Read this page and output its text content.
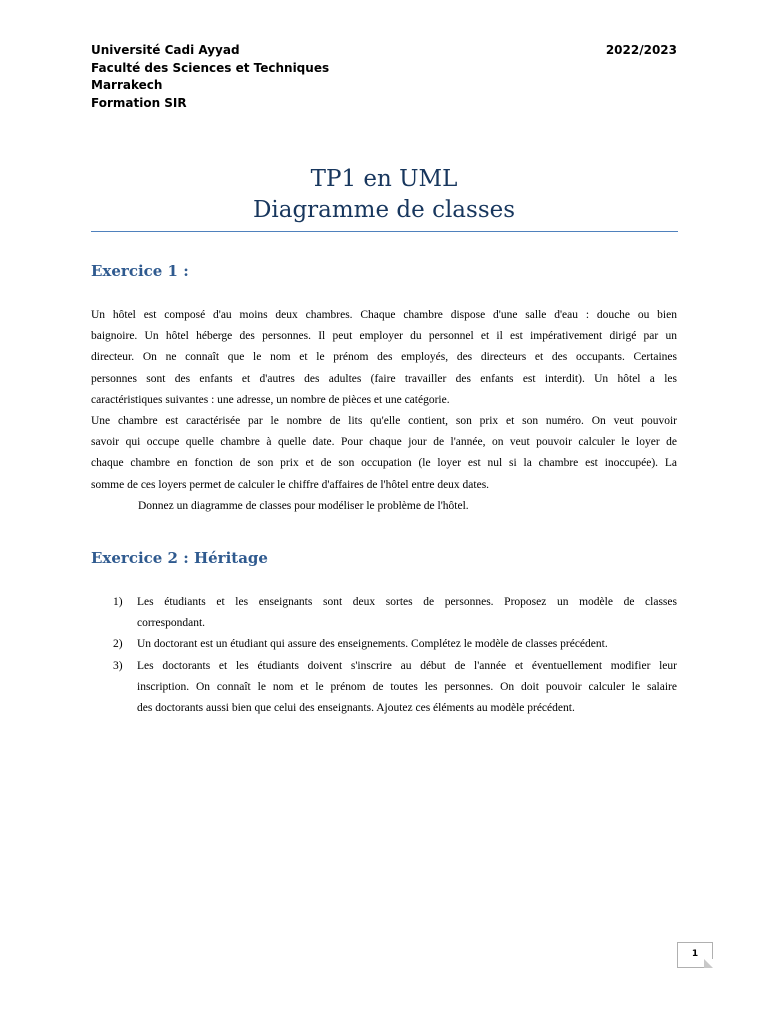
Université Cadi Ayyad
Faculté des Sciences et Techniques
Marrakech
Formation SIR
2022/2023
TP1 en UML
Diagramme de classes
Exercice 1 :
Un hôtel est composé d'au moins deux chambres. Chaque chambre dispose d'une salle d'eau : douche ou bien
baignoire. Un hôtel héberge des personnes. Il peut employer du personnel et il est impérativement dirigé par un
directeur. On ne connaît que le nom et le prénom des employés, des directeurs et des occupants. Certaines
personnes sont des enfants et d'autres des adultes (faire travailler des enfants est interdit). Un hôtel a les
caractéristiques suivantes : une adresse, un nombre de pièces et une catégorie.
Une chambre est caractérisée par le nombre de lits qu'elle contient, son prix et son numéro. On veut pouvoir
savoir qui occupe quelle chambre à quelle date. Pour chaque jour de l'année, on veut pouvoir calculer le loyer de
chaque chambre en fonction de son prix et de son occupation (le loyer est nul si la chambre est inoccupée). La
somme de ces loyers permet de calculer le chiffre d'affaires de l'hôtel entre deux dates.
Donnez un diagramme de classes pour modéliser le problème de l'hôtel.
Exercice 2 : Héritage
1) Les étudiants et les enseignants sont deux sortes de personnes. Proposez un modèle de classes
correspondant.
2) Un doctorant est un étudiant qui assure des enseignements. Complétez le modèle de classes précédent.
3) Les doctorants et les étudiants doivent s'inscrire au début de l'année et éventuellement modifier leur
inscription. On connaît le nom et le prénom de toutes les personnes. On doit pouvoir calculer le salaire
des doctorants aussi bien que celui des enseignants. Ajoutez ces éléments au modèle précédent.
1
